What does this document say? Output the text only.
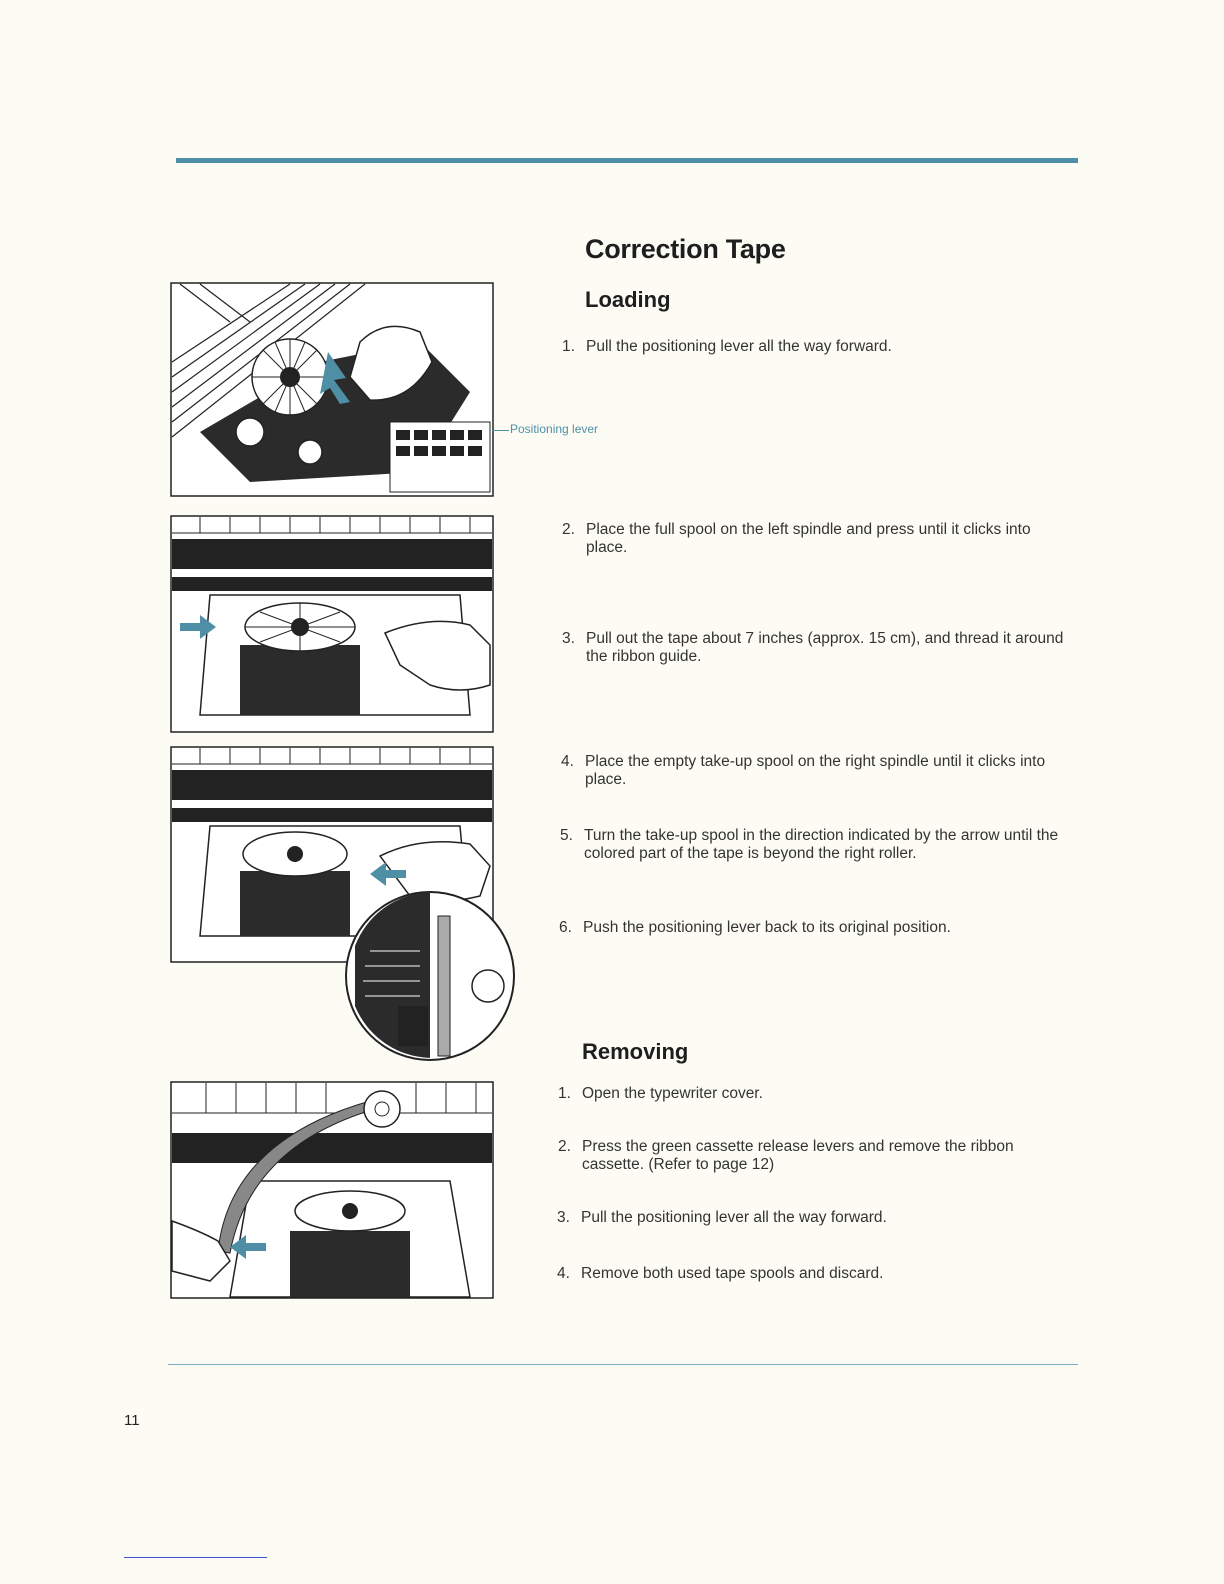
Correction Tape
Loading
1. Pull the positioning lever all the way forward.
2. Place the full spool on the left spindle and press until it clicks into place.
3. Pull out the tape about 7 inches (approx. 15 cm), and thread it around the ribbon guide.
4. Place the empty take-up spool on the right spindle until it clicks into place.
5. Turn the take-up spool in the direction indicated by the arrow until the colored part of the tape is beyond the right roller.
6. Push the positioning lever back to its original position.
Removing
1. Open the typewriter cover.
2. Press the green cassette release levers and remove the ribbon cassette. (Refer to page 12)
3. Pull the positioning lever all the way forward.
4. Remove both used tape spools and discard.
Positioning lever
11
